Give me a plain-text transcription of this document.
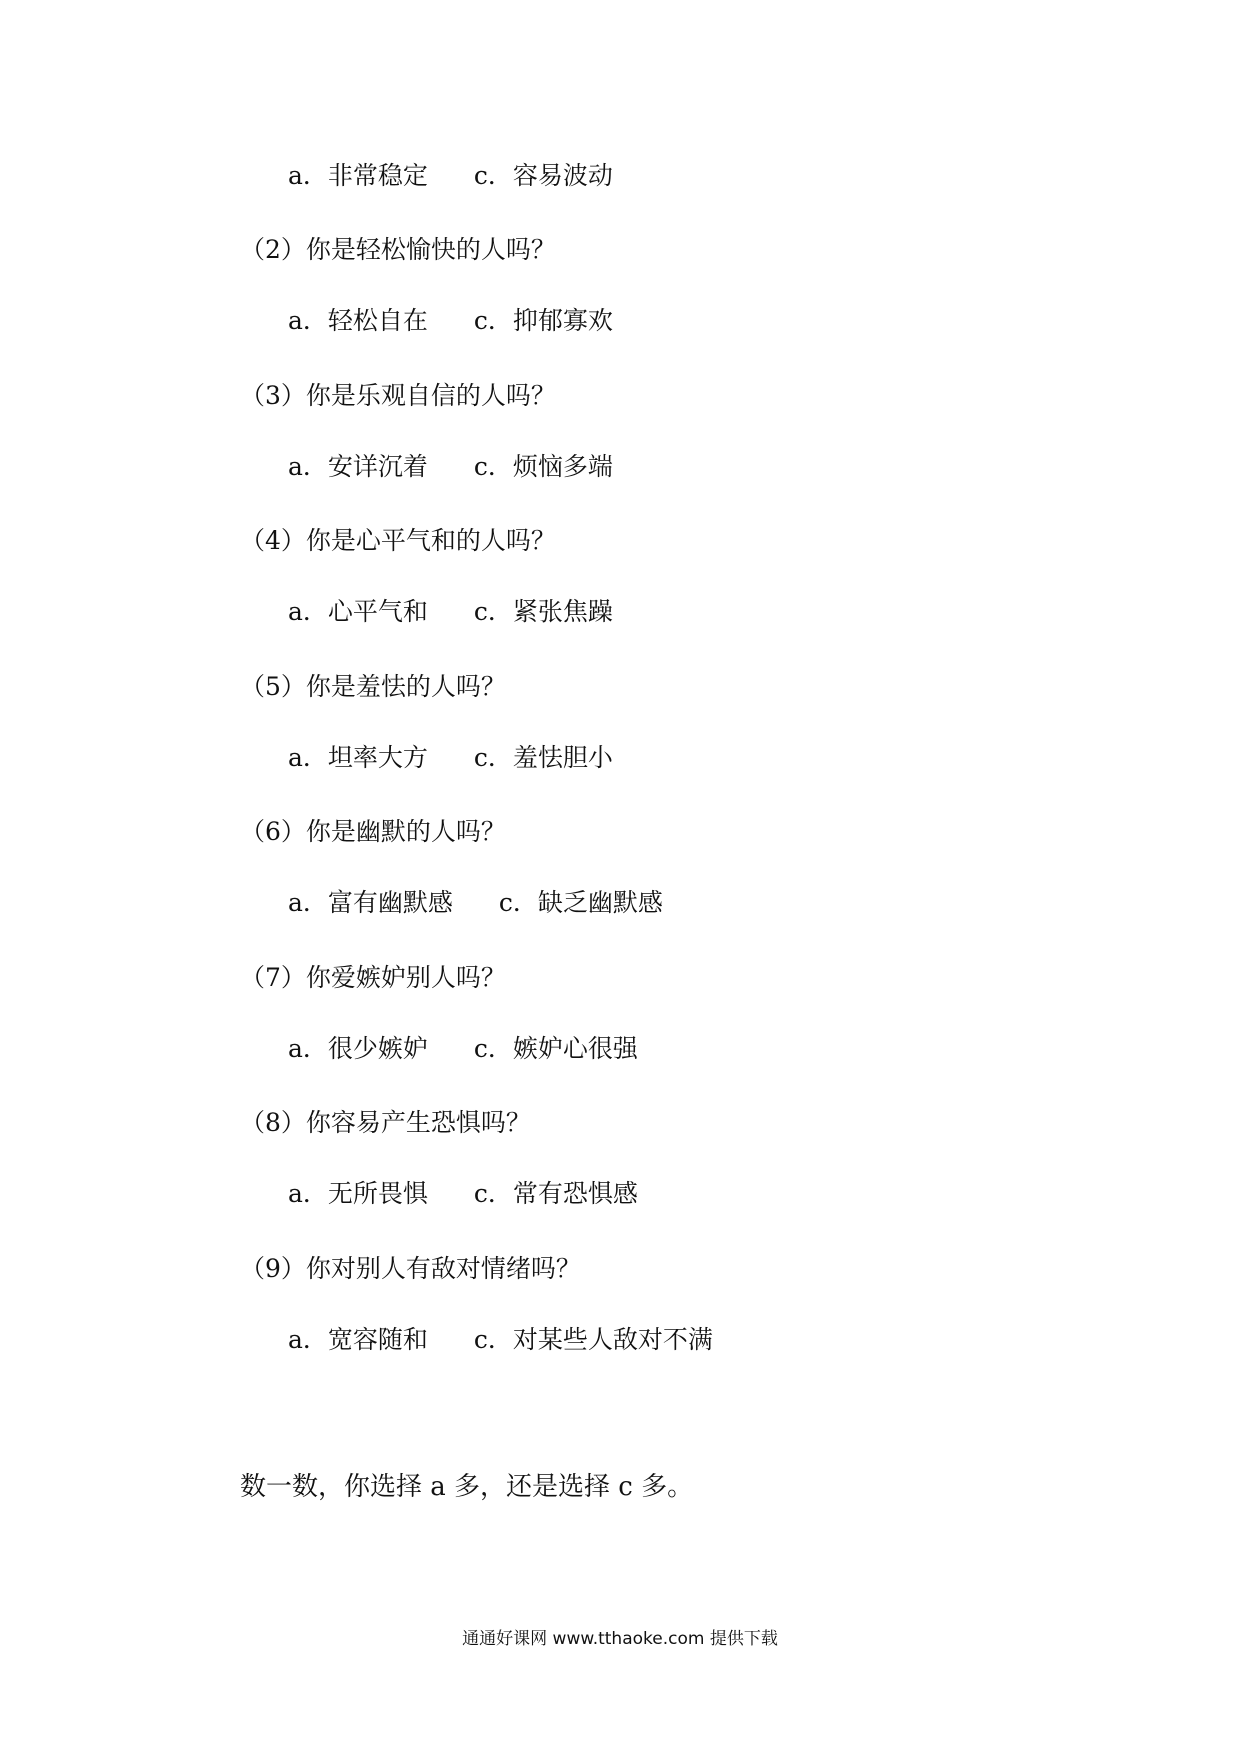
a．非常稳定 c．容易波动
（2）你是轻松愉快的人吗？
a．轻松自在 c．抑郁寡欢
（3）你是乐观自信的人吗？
a．安详沉着 c．烦恼多端
（4）你是心平气和的人吗？
a．心平气和 c．紧张焦躁
（5）你是羞怯的人吗？
a．坦率大方 c．羞怯胆小
（6）你是幽默的人吗？
a．富有幽默感 c．缺乏幽默感
（7）你爱嫉妒别人吗？
a．很少嫉妒 c．嫉妒心很强
（8）你容易产生恐惧吗？
a．无所畏惧 c．常有恐惧感
（9）你对别人有敌对情绪吗？
a．宽容随和 c．对某些人敌对不满
数一数，你选择 a 多，还是选择 c 多。
通通好课网 www.tthaoke.com 提供下载
